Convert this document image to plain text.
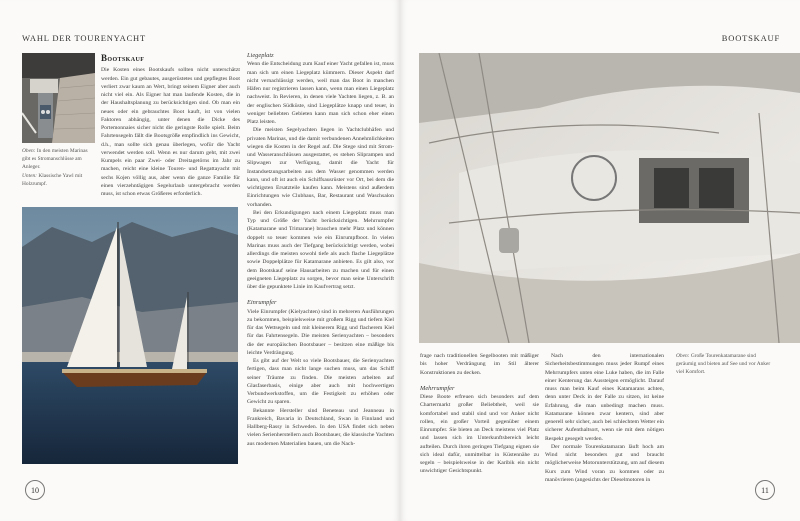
WAHL DER TOURENYACHT
Oben: In den meisten Marinas gibt es Stromanschlüsse am Anleger.
Unten: Klassische Yawl mit Holzrumpf.
Bootskauf

Die Kosten eines Bootskaufs sollten nicht unterschätzt werden. Ein gut gebautes, ausgerüstetes und gepflegtes Boot verliert zwar kaum an Wert, bringt seinem Eigner aber auch nicht viel ein. Als Eigner hat man laufende Kosten, die in der Haushaltsplanung zu berücksichtigen sind. Ob man ein neues oder ein gebrauchtes Boot kauft, ist von vielen Faktoren abhängig, unter denen die Dicke des Portemonnaies sicher nicht die geringste Rolle spielt. Beim Fahrtensegeln fällt die Bootsgröße empfindlich ins Gewicht, d.h., man sollte sich genau überlegen, wofür die Yacht verwendet werden soll. Wenn es nur darum geht, mit zwei Kumpels ein paar Zwei- oder Dreitagetörns im Jahr zu machen, reicht eine kleine Touren- und Regattayacht mit sechs Kojen völlig aus, aber wenn die ganze Familie für einen vierzehntägigen Segelurlaub untergebracht werden muss, ist schon etwas Größeres erforderlich.

Liegeplatz

Wenn die Entscheidung zum Kauf einer Yacht gefallen ist, muss man sich um einen Liegeplatz kümmern. Dieser Aspekt darf nicht vernachlässigt werden, weil man das Boot in manchen Häfen nur registrieren lassen kann, wenn man einen Liegeplatz nachweist. In Revieren, in denen viele Yachten liegen, z. B. an der englischen Südküste, sind Liegeplätze knapp und teuer, in weniger beliebten Gebieten kann man sich schon eher einen Platz leisten.

Die meisten Segelyachten liegen in Yachtclubhäfen und privaten Marinas, und die damit verbundenen Annehmlichkeiten wiegen die Kosten in der Regel auf. Die Stege sind mit Strom- und Wasseranschlüssen ausgestattet, es stehen Sliprampen und Slipwagen zur Verfügung, damit die Yacht für Instandsetzungsarbeiten aus dem Wasser genommen werden kann, und oft ist auch ein Schiffsausrüster vor Ort, bei dem die wichtigsten Ersatzteile kaufen kann. Meistens sind außerdem Einrichtungen wie Clubhaus, Bar, Restaurant und Waschsalon vorhanden.

Bei den Erkundigungen nach einem Liegeplatz muss man Typ und Größe der Yacht berücksichtigen. Mehrrumpfer (Katamarane und Trimarane) brauchen mehr Platz und können doppelt so teuer kommen wie ein Einrumpfboot. In vielen Marinas muss auch der Tiefgang berücksichtigt werden, wobei allerdings die meisten sowohl tiefe als auch flache Liegeplätze sowie Doppelplätze für Katamarane anbieten. Es gilt also, vor dem Bootskauf seine Hausarbeiten zu machen und für einen geeigneten Liegeplatz zu sorgen, bevor man seine Unterschrift über die gepunktete Linie im Kaufvertrag setzt.

Einrumpfer

Viele Einrumpfer (Kielyachten) sind in mehreren Ausführungen zu bekommen, beispielsweise mit großem Rigg und tiefem Kiel für das Wettsegeln und mit kleinerem Rigg und flacherem Kiel für das Fahrtensegeln. Die meisten Serienyachten – besonders die der europäischen Bootsbauer – besitzen eine mäßige bis leichte Verdrängung.

Es gibt auf der Welt so viele Bootsbauer, die Serienyachten fertigen, dass man nicht lange suchen muss, um das Schiff seiner Träume zu finden. Die meisten arbeiten auf Glasfaserbasis, einige aber auch mit hochwertigen Verbundwerkstoffen, um die Festigkeit zu erhöhen oder Gewicht zu sparen.

Bekannte Hersteller sind Beneteau und Jeanneau in Frankreich, Bavaria in Deutschland, Swan in Finnland und Hallberg-Rassy in Schweden. In den USA findet sich neben vielen Serienherstellern auch Bootsbauer, die klassische Yachten aus modernen Materialien bauen, um die Nach-

10
BOOTSKAUF

frage nach traditionellen Segelbooten mit mäßiger bis hoher Verdrängung im Stil älterer Konstruktionen zu decken.

Mehrrumpfer

Diese Boote erfreuen sich besonders auf dem Chartermarkt großer Beliebtheit, weil sie komfortabel und stabil sind und vor Anker nicht rollen, ein großer Vorteil gegenüber einem Einrumpfer. Sie bieten an Deck meistens viel Platz und lassen sich im Unterkunftsbereich leicht aufteilen. Durch ihren geringen Tiefgang eignen sie sich ideal dafür, unmittelbar in Küstennähe zu segeln – beispielsweise in der Karibik ein nicht unwichtiger Gesichtspunkt.

Nach den internationalen Sicherheitsbestimmungen muss jeder Rumpf eines Mehrrumpfers unten eine Luke haben, die im Falle einer Kenterung das Aussteigen ermöglicht. Darauf muss man beim Kauf eines Katamarans achten, denn unter Deck in der Falle zu sitzen, ist keine Erfahrung, die man unbedingt machen muss. Katamarane können zwar kentern, sind aber generell sehr sicher, auch bei schlechtem Wetter ein sicherer Aufenthaltsort, wenn sie mit dem nötigen Respekt gesegelt werden.

Der normale Tourenkatamaran läuft hoch am Wind nicht besonders gut und braucht möglicherweise Motorunterstützung, um auf diesem Kurs zum Wind voran zu kommen oder zu manövrieren (angesichts der Dieselmotoren in

Oben: Große Tourenkatamarane sind geräumig und bieten auf See und vor Anker viel Komfort.
11
